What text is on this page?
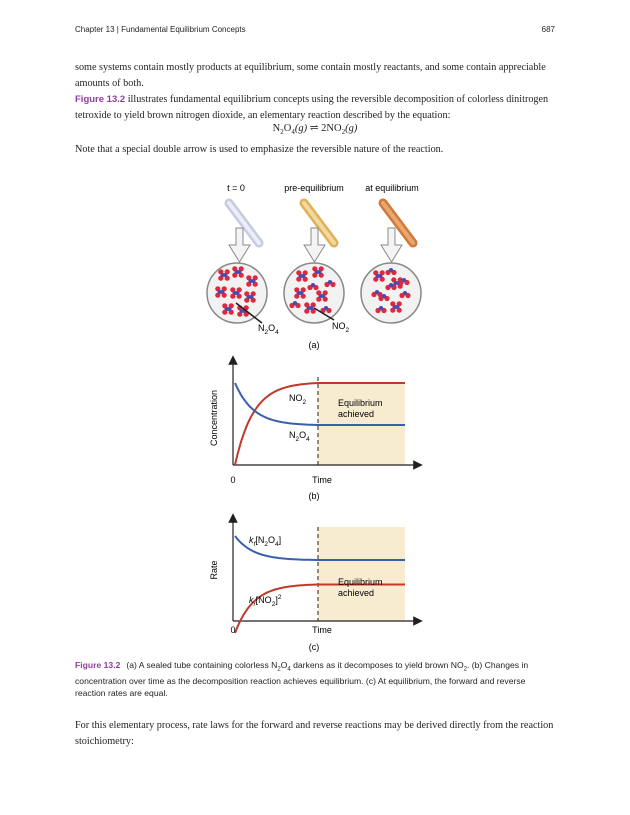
Chapter 13 | Fundamental Equilibrium Concepts	687
some systems contain mostly products at equilibrium, some contain mostly reactants, and some contain appreciable amounts of both.
Figure 13.2 illustrates fundamental equilibrium concepts using the reversible decomposition of colorless dinitrogen tetroxide to yield brown nitrogen dioxide, an elementary reaction described by the equation:
$N_2O_4(g)$ ⇌ $2NO_2(g)$
Note that a special double arrow is used to emphasize the reversible nature of the reaction.
t = 0	pre-equilibrium at equilibrium
$N_2O_4$
$NO_2$
(a)
$NO_2$
$N_2O_4$
Equilibrium
achieved
Concentration
0	Time
(b)
$k_f[N_2O_4]$
$k_r[NO_2]^2$
Equilibrium
achieved
Rate
0	Time
(c)
Figure 13.2 (a) A sealed tube containing colorless $N_2O_4$ darkens as it decomposes to yield brown $NO_2$. (b) Changes in concentration over time as the decomposition reaction achieves equilibrium. (c) At equilibrium, the forward and reverse reaction rates are equal.
For this elementary process, rate laws for the forward and reverse reactions may be derived directly from the reaction stoichiometry:
